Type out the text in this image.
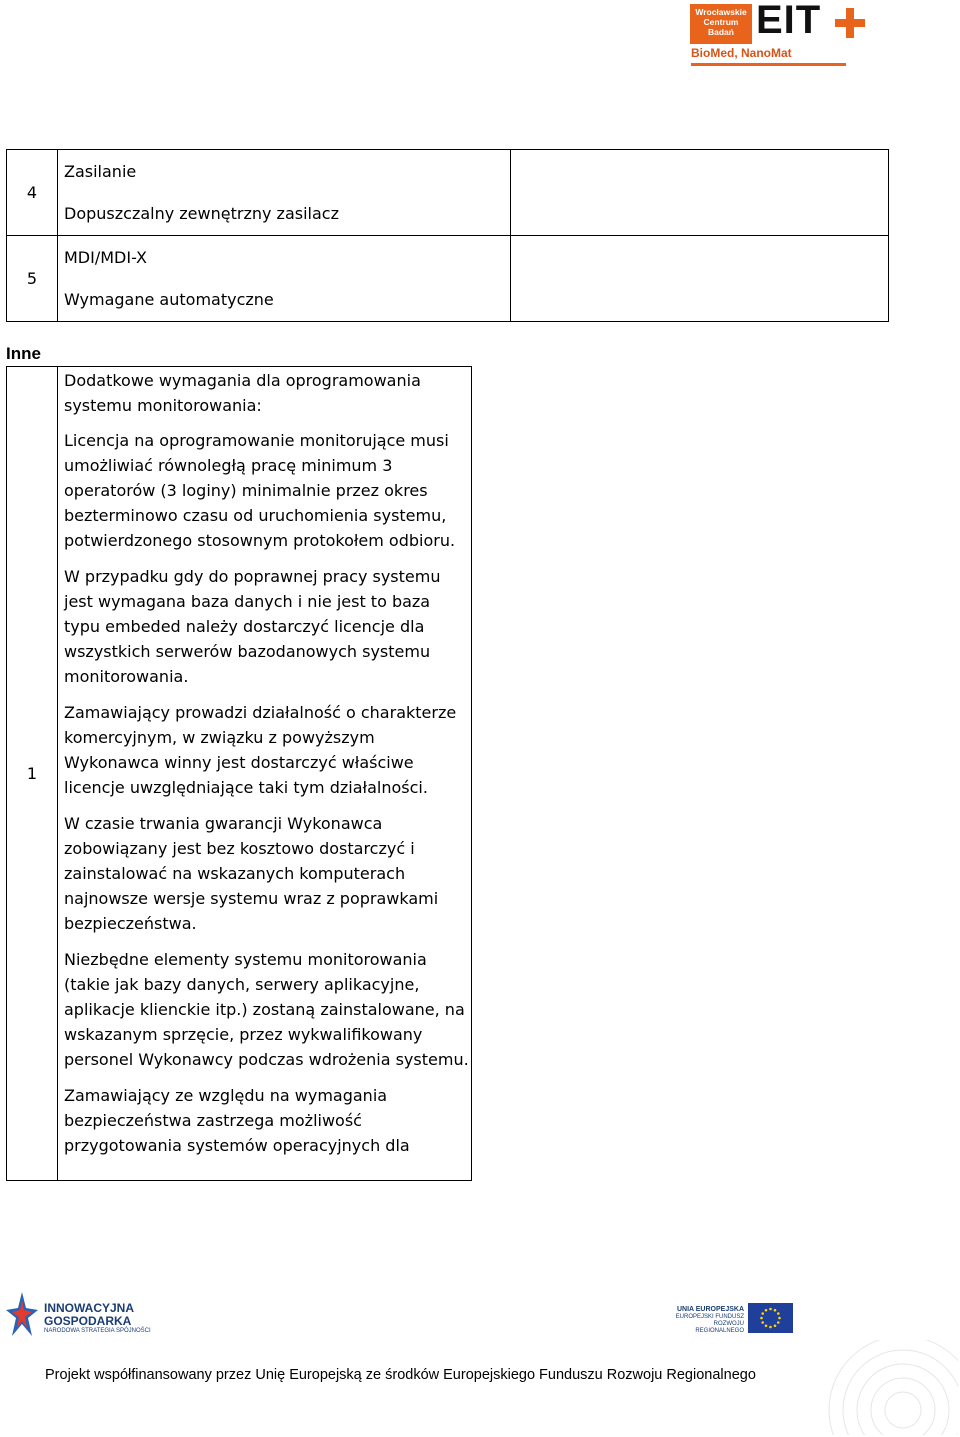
Wrocławskie
Centrum
Badań EIT
BioMed, NanoMat
4	Zasilanie

Dopuszczalny zewnętrzny zasilacz	

5	MDI/MDI-X

Wymagane automatyczne	

Inne
1	

Dodatkowe wymagania dla oprogramowania systemu monitorowania:

Licencja na oprogramowanie monitorujące musi umożliwiać równoległą pracę minimum 3 operatorów (3 loginy) minimalnie przez okres bezterminowo czasu od uruchomienia systemu, potwierdzonego stosownym protokołem odbioru.

W przypadku gdy do poprawnej pracy systemu jest wymagana baza danych i nie jest to baza typu embeded należy dostarczyć licencje dla wszystkich serwerów bazodanowych systemu monitorowania.

Zamawiający prowadzi działalność o charakterze komercyjnym, w związku z powyższym Wykonawca winny jest dostarczyć właściwe licencje uwzględniające taki tym działalności.

W czasie trwania gwarancji Wykonawca zobowiązany jest bez kosztowo dostarczyć i zainstalować na wskazanych komputerach najnowsze wersje systemu wraz z poprawkami bezpieczeństwa.

Niezbędne elementy systemu monitorowania (takie jak bazy danych, serwery aplikacyjne, aplikacje klienckie itp.) zostaną zainstalowane, na wskazanym sprzęcie, przez wykwalifikowany personel Wykonawcy podczas wdrożenia systemu.

Zamawiający ze względu na wymagania bezpieczeństwa zastrzega możliwość przygotowania systemów operacyjnych dla

INNOWACYJNA
GOSPODARKA
NARODOWA STRATEGIA SPÓJNOŚCI
UNIA EUROPEJSKA
EUROPEJSKI FUNDUSZ
ROZWOJU REGIONALNEGO
Projekt współfinansowany przez Unię Europejską ze środków Europejskiego Funduszu Rozwoju Regionalnego
